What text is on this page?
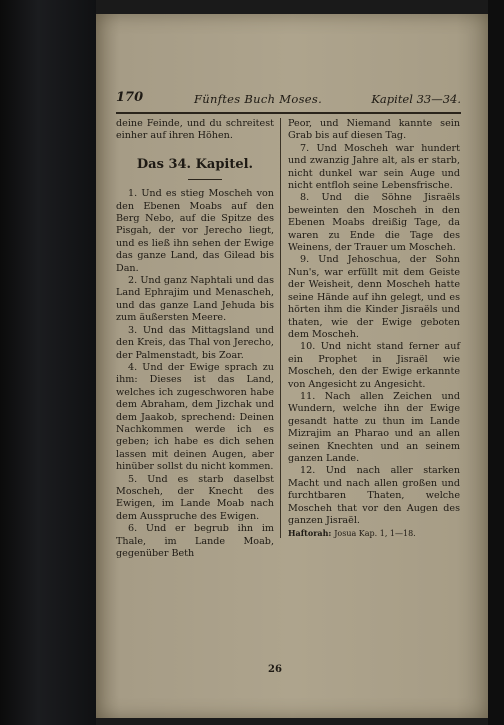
170	Fünftes Buch Moses.	Kapitel 33—34.

deine Feinde, und du schreitest einher auf ihren Höhen.

Das 34. Kapitel.

1. Und es stieg Moscheh von den Ebenen Moabs auf den Berg Nebo, auf die Spitze des Pisgah, der vor Jerecho liegt, und es ließ ihn sehen der Ewige das ganze Land, das Gilead bis Dan.

2. Und ganz Naphtali und das Land Ephrajim und Menascheh, und das ganze Land Jehuda bis zum äußersten Meere.

3. Und das Mittagsland und den Kreis, das Thal von Jerecho, der Palmenstadt, bis Zoar.

4. Und der Ewige sprach zu ihm: Dieses ist das Land, welches ich zugeschworen habe dem Abraham, dem Jizchak und dem Jaakob, sprechend: Deinen Nachkommen werde ich es geben; ich habe es dich sehen lassen mit deinen Augen, aber hinüber sollst du nicht kommen.

5. Und es starb daselbst Moscheh, der Knecht des Ewigen, im Lande Moab nach dem Ausspruche des Ewigen.

6. Und er begrub ihn im Thale, im Lande Moab, gegenüber Beth

Peor, und Niemand kannte sein Grab bis auf diesen Tag.

7. Und Moscheh war hundert und zwanzig Jahre alt, als er starb, nicht dunkel war sein Auge und nicht entfloh seine Lebensfrische.

8. Und die Söhne Jisraëls beweinten den Moscheh in den Ebenen Moabs dreißig Tage, da waren zu Ende die Tage des Weinens, der Trauer um Moscheh.

9. Und Jehoschua, der Sohn Nun's, war erfüllt mit dem Geiste der Weisheit, denn Moscheh hatte seine Hände auf ihn gelegt, und es hörten ihm die Kinder Jisraëls und thaten, wie der Ewige geboten dem Moscheh.

10. Und nicht stand ferner auf ein Prophet in Jisraël wie Moscheh, den der Ewige erkannte von Angesicht zu Angesicht.

11. Nach allen Zeichen und Wundern, welche ihn der Ewige gesandt hatte zu thun im Lande Mizrajim an Pharao und an allen seinen Knechten und an seinem ganzen Lande.

12. Und nach aller starken Macht und nach allen großen und furchtbaren Thaten, welche Moscheh that vor den Augen des ganzen Jisraël.

Haftorah: Josua Kap. 1, 1—18.

26
